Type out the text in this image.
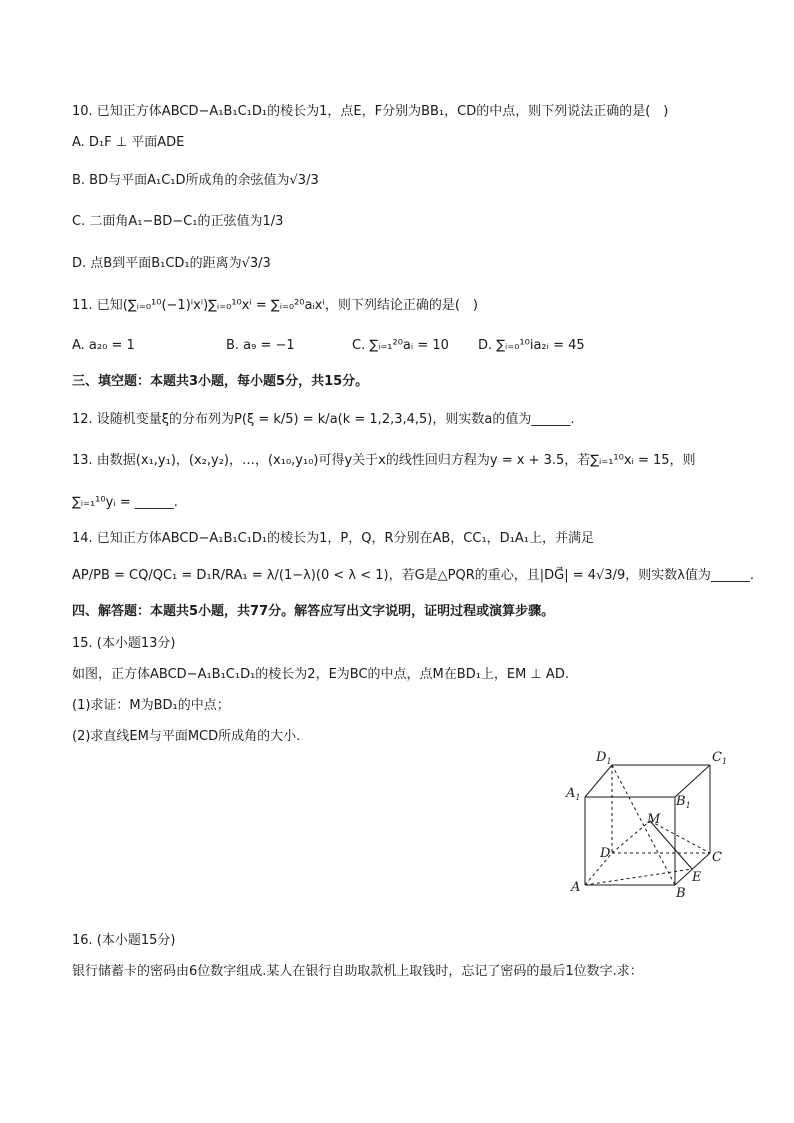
10. 已知正方体ABCD−A₁B₁C₁D₁的棱长为1，点E，F分别为BB₁，CD的中点，则下列说法正确的是(　)
A. D₁F ⊥ 平面ADE
B. BD与平面A₁C₁D所成角的余弦值为√3/3
C. 二面角A₁−BD−C₁的正弦值为1/3
D. 点B到平面B₁CD₁的距离为√3/3
11. 已知(∑ᵢ₌₀¹⁰(−1)ⁱxⁱ)∑ᵢ₌₀¹⁰xⁱ = ∑ᵢ₌₀²⁰aᵢxⁱ，则下列结论正确的是(　)
A. a₂₀ = 1	B. a₉ = −1	C. ∑ᵢ₌₁²⁰aᵢ = 10 D. ∑ᵢ₌₀¹⁰ia₂ᵢ = 45
三、填空题：本题共3小题，每小题5分，共15分。
12. 设随机变量ξ的分布列为P(ξ = k/5) = k/a(k = 1,2,3,4,5)，则实数a的值为______.
13. 由数据(x₁,y₁)，(x₂,y₂)，…，(x₁₀,y₁₀)可得y关于x的线性回归方程为y = x + 3.5，若∑ᵢ₌₁¹⁰xᵢ = 15，则
∑ᵢ₌₁¹⁰yᵢ = ______.
14. 已知正方体ABCD−A₁B₁C₁D₁的棱长为1，P，Q，R分别在AB，CC₁，D₁A₁上，并满足
AP/PB = CQ/QC₁ = D₁R/RA₁ = λ/(1−λ)(0 < λ < 1)，若G是△PQR的重心，且|DG⃗| = 4√3/9，则实数λ值为______.
四、解答题：本题共5小题，共77分。解答应写出文字说明，证明过程或演算步骤。
15. (本小题13分)
如图，正方体ABCD−A₁B₁C₁D₁的棱长为2，E为BC的中点，点M在BD₁上，EM ⊥ AD.
(1)求证：M为BD₁的中点；
(2)求直线EM与平面MCD所成角的大小.
$D_1$	$C_1$
$A_1$	$B_1$
M
D	C
A
E
B
16. (本小题15分)
银行储蓄卡的密码由6位数字组成.某人在银行自助取款机上取钱时，忘记了密码的最后1位数字.求：
